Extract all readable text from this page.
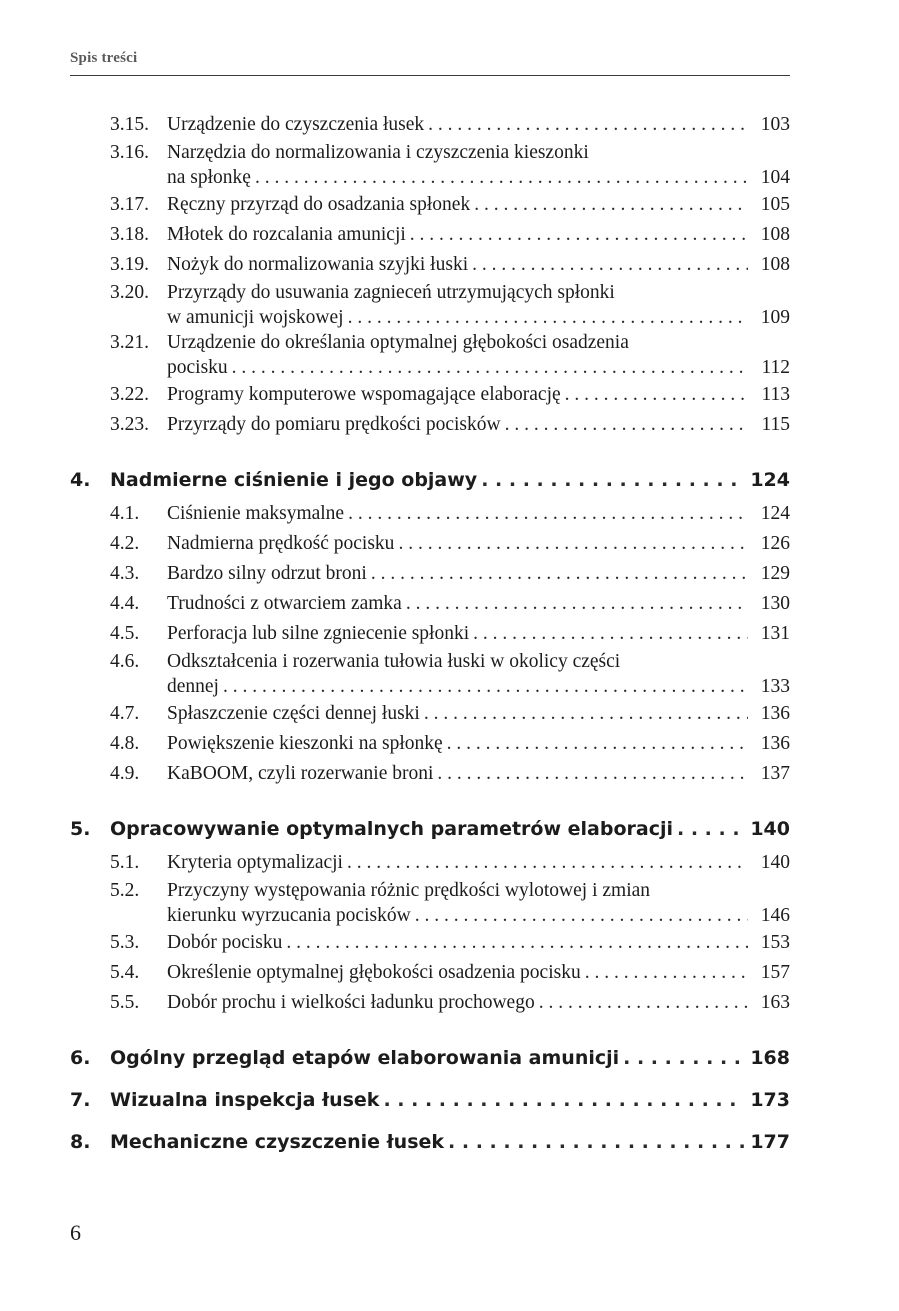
Spis treści
3.15. Urządzenie do czyszczenia łusek . . .	103
3.16. Narzędzia do normalizowania i czyszczenia kieszonki
na spłonkę . . .	104
3.17. Ręczny przyrząd do osadzania spłonek . . .	105
3.18. Młotek do rozcalania amunicji . . .	108
3.19. Nożyk do normalizowania szyjki łuski . . .	108
3.20. Przyrządy do usuwania zagnieceń utrzymujących spłonki
w amunicji wojskowej . . .	109
3.21. Urządzenie do określania optymalnej głębokości osadzenia
pocisku . . .	112
3.22. Programy komputerowe wspomagające elaborację . . .	113
3.23. Przyrządy do pomiaru prędkości pocisków . . .	115
4.	Nadmierne ciśnienie i jego objawy . . .	124
4.1.	Ciśnienie maksymalne . . .	124
4.2.	Nadmierna prędkość pocisku . . .	126
4.3.	Bardzo silny odrzut broni . . .	129
4.4.	Trudności z otwarciem zamka . . .	130
4.5.	Perforacja lub silne zgniecenie spłonki . . .	131
4.6.	Odkształcenia i rozerwania tułowia łuski w okolicy części
dennej . . .	133
4.7.	Spłaszczenie części dennej łuski . . .	136
4.8.	Powiększenie kieszonki na spłonkę . . .	136
4.9.	KaBOOM, czyli rozerwanie broni . . .	137
5.	Opracowywanie optymalnych parametrów elaboracji . . .	140
5.1.	Kryteria optymalizacji . . .	140
5.2.	Przyczyny występowania różnic prędkości wylotowej i zmian
kierunku wyrzucania pocisków . . .	146
5.3.	Dobór pocisku . . .	153
5.4.	Określenie optymalnej głębokości osadzenia pocisku . . .	157
5.5.	Dobór prochu i wielkości ładunku prochowego . . .	163
6.	Ogólny przegląd etapów elaborowania amunicji . . .	168
7.	Wizualna inspekcja łusek . . .	173
8.	Mechaniczne czyszczenie łusek . . .	177
6
